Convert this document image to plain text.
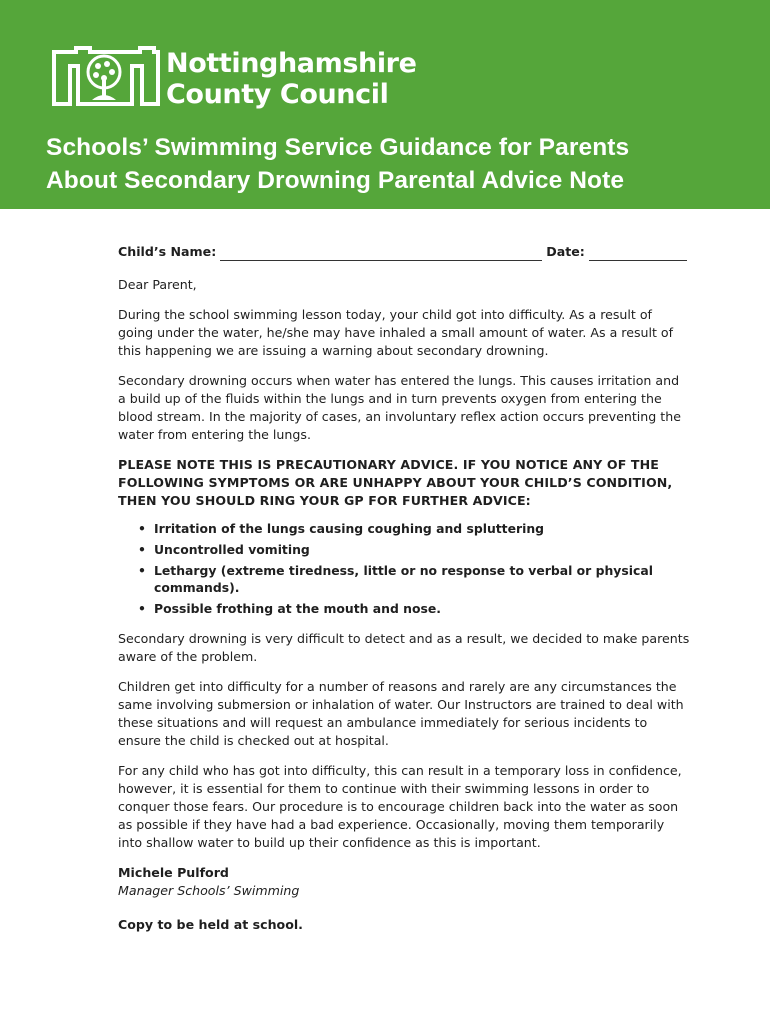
Nottinghamshire
County Council
Schools’ Swimming Service Guidance for Parents
About Secondary Drowning Parental Advice Note
Child’s Name:	Date:

Dear Parent,

During the school swimming lesson today, your child got into difficulty. As a result of going under the water, he/she may have inhaled a small amount of water. As a result of this happening we are issuing a warning about secondary drowning.

Secondary drowning occurs when water has entered the lungs. This causes irritation and a build up of the fluids within the lungs and in turn prevents oxygen from entering the blood stream. In the majority of cases, an involuntary reflex action occurs preventing the water from entering the lungs.

PLEASE NOTE THIS IS PRECAUTIONARY ADVICE. IF YOU NOTICE ANY OF THE FOLLOWING SYMPTOMS OR ARE UNHAPPY ABOUT YOUR CHILD’S CONDITION, THEN YOU SHOULD RING YOUR GP FOR FURTHER ADVICE:

• Irritation of the lungs causing coughing and spluttering
• Uncontrolled vomiting
• Lethargy (extreme tiredness, little or no response to verbal or physical commands).
• Possible frothing at the mouth and nose.

Secondary drowning is very difficult to detect and as a result, we decided to make parents aware of the problem.

Children get into difficulty for a number of reasons and rarely are any circumstances the same involving submersion or inhalation of water. Our Instructors are trained to deal with these situations and will request an ambulance immediately for serious incidents to ensure the child is checked out at hospital.

For any child who has got into difficulty, this can result in a temporary loss in confidence, however, it is essential for them to continue with their swimming lessons in order to conquer those fears. Our procedure is to encourage children back into the water as soon as possible if they have had a bad experience. Occasionally, moving them temporarily into shallow water to build up their confidence as this is important.

Michele Pulford

Manager Schools’ Swimming

Copy to be held at school.
